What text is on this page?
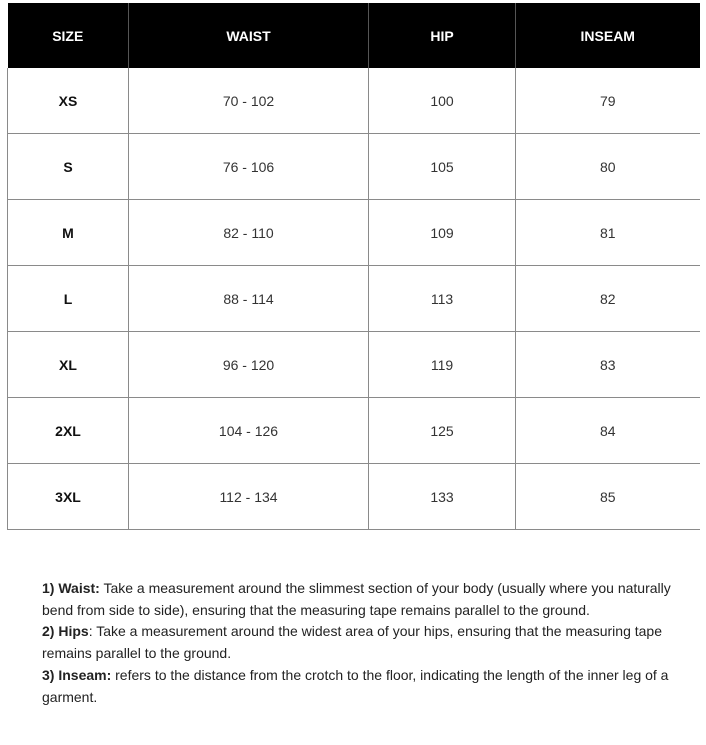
SIZE	WAIST	HIP	INSEAM
XS	70 - 102	100	79
S	76 - 106	105	80
M	82 - 110	109	81
L	88 - 114	113	82
XL	96 - 120	119	83
2XL	104 - 126	125	84
3XL	112 - 134	133	85

1) Waist: Take a measurement around the slimmest section of your body (usually where you naturally bend from side to side), ensuring that the measuring tape remains parallel to the ground.

2) Hips: Take a measurement around the widest area of your hips, ensuring that the measuring tape remains parallel to the ground.

3) Inseam: refers to the distance from the crotch to the floor, indicating the length of the inner leg of a garment.
